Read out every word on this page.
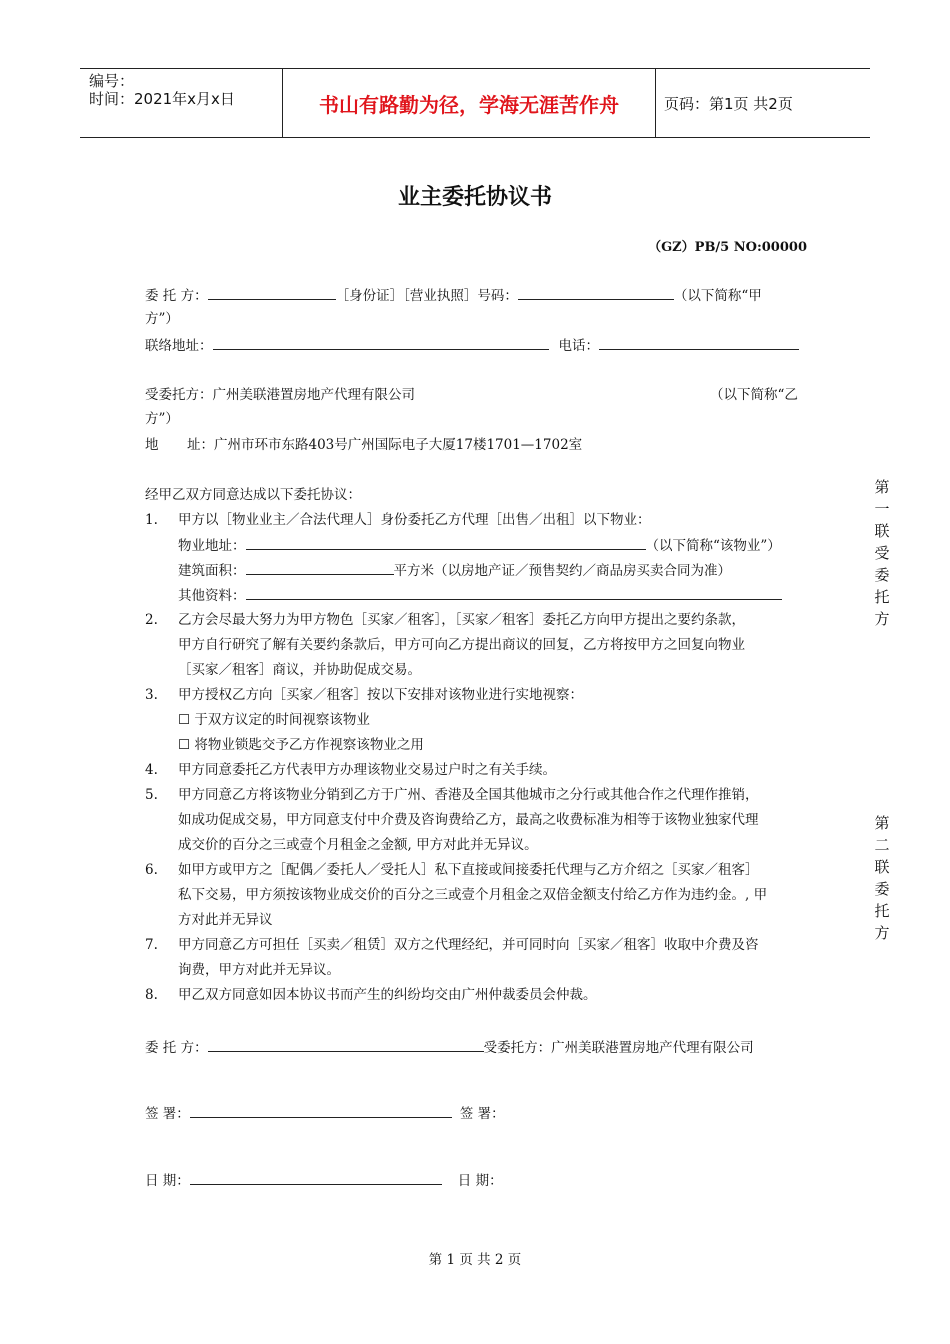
编号：
时间：2021年x月x日	书山有路勤为径，学海无涯苦作舟	页码：第1页 共2页
业主委托协议书
（GZ）PB/5 NO:00000
委 托 方：	［身份证］［营业执照］号码：	（以下简称“甲
方”）
联络地址：	电话：
受委托方：广州美联港置房地产代理有限公司	（以下简称“乙
方”）
地 址：广州市环市东路403号广州国际电子大厦17楼1701—1702室
经甲乙双方同意达成以下委托协议：
1. 甲方以［物业业主／合法代理人］身份委托乙方代理［出售／出租］以下物业：
物业地址：	（以下简称“该物业”）
建筑面积：	平方米（以房地产证／预售契约／商品房买卖合同为准）
其他资料：
2. 乙方会尽最大努力为甲方物色［买家／租客］，［买家／租客］委托乙方向甲方提出之要约条款，
甲方自行研究了解有关要约条款后，甲方可向乙方提出商议的回复，乙方将按甲方之回复向物业
［买家／租客］商议，并协助促成交易。
3. 甲方授权乙方向［买家／租客］按以下安排对该物业进行实地视察：
☐ 于双方议定的时间视察该物业
☐ 将物业锁匙交予乙方作视察该物业之用
4. 甲方同意委托乙方代表甲方办理该物业交易过户时之有关手续。
5. 甲方同意乙方将该物业分销到乙方于广州、香港及全国其他城市之分行或其他合作之代理作推销，
如成功促成交易，甲方同意支付中介费及咨询费给乙方，最高之收费标准为相等于该物业独家代理
成交价的百分之三或壹个月租金之金额, 甲方对此并无异议。
6. 如甲方或甲方之［配偶／委托人／受托人］私下直接或间接委托代理与乙方介绍之［买家／租客］
私下交易，甲方须按该物业成交价的百分之三或壹个月租金之双倍金额支付给乙方作为违约金。, 甲
方对此并无异议
7. 甲方同意乙方可担任［买卖／租赁］双方之代理经纪，并可同时向［买家／租客］收取中介费及咨
询费，甲方对此并无异议。
8. 甲乙双方同意如因本协议书而产生的纠纷均交由广州仲裁委员会仲裁。
委 托 方：	受委托方：广州美联港置房地产代理有限公司
签 署：	签 署：
日 期：	日 期：
第一联受委托方
第二联委托方
第 1 页 共 2 页
